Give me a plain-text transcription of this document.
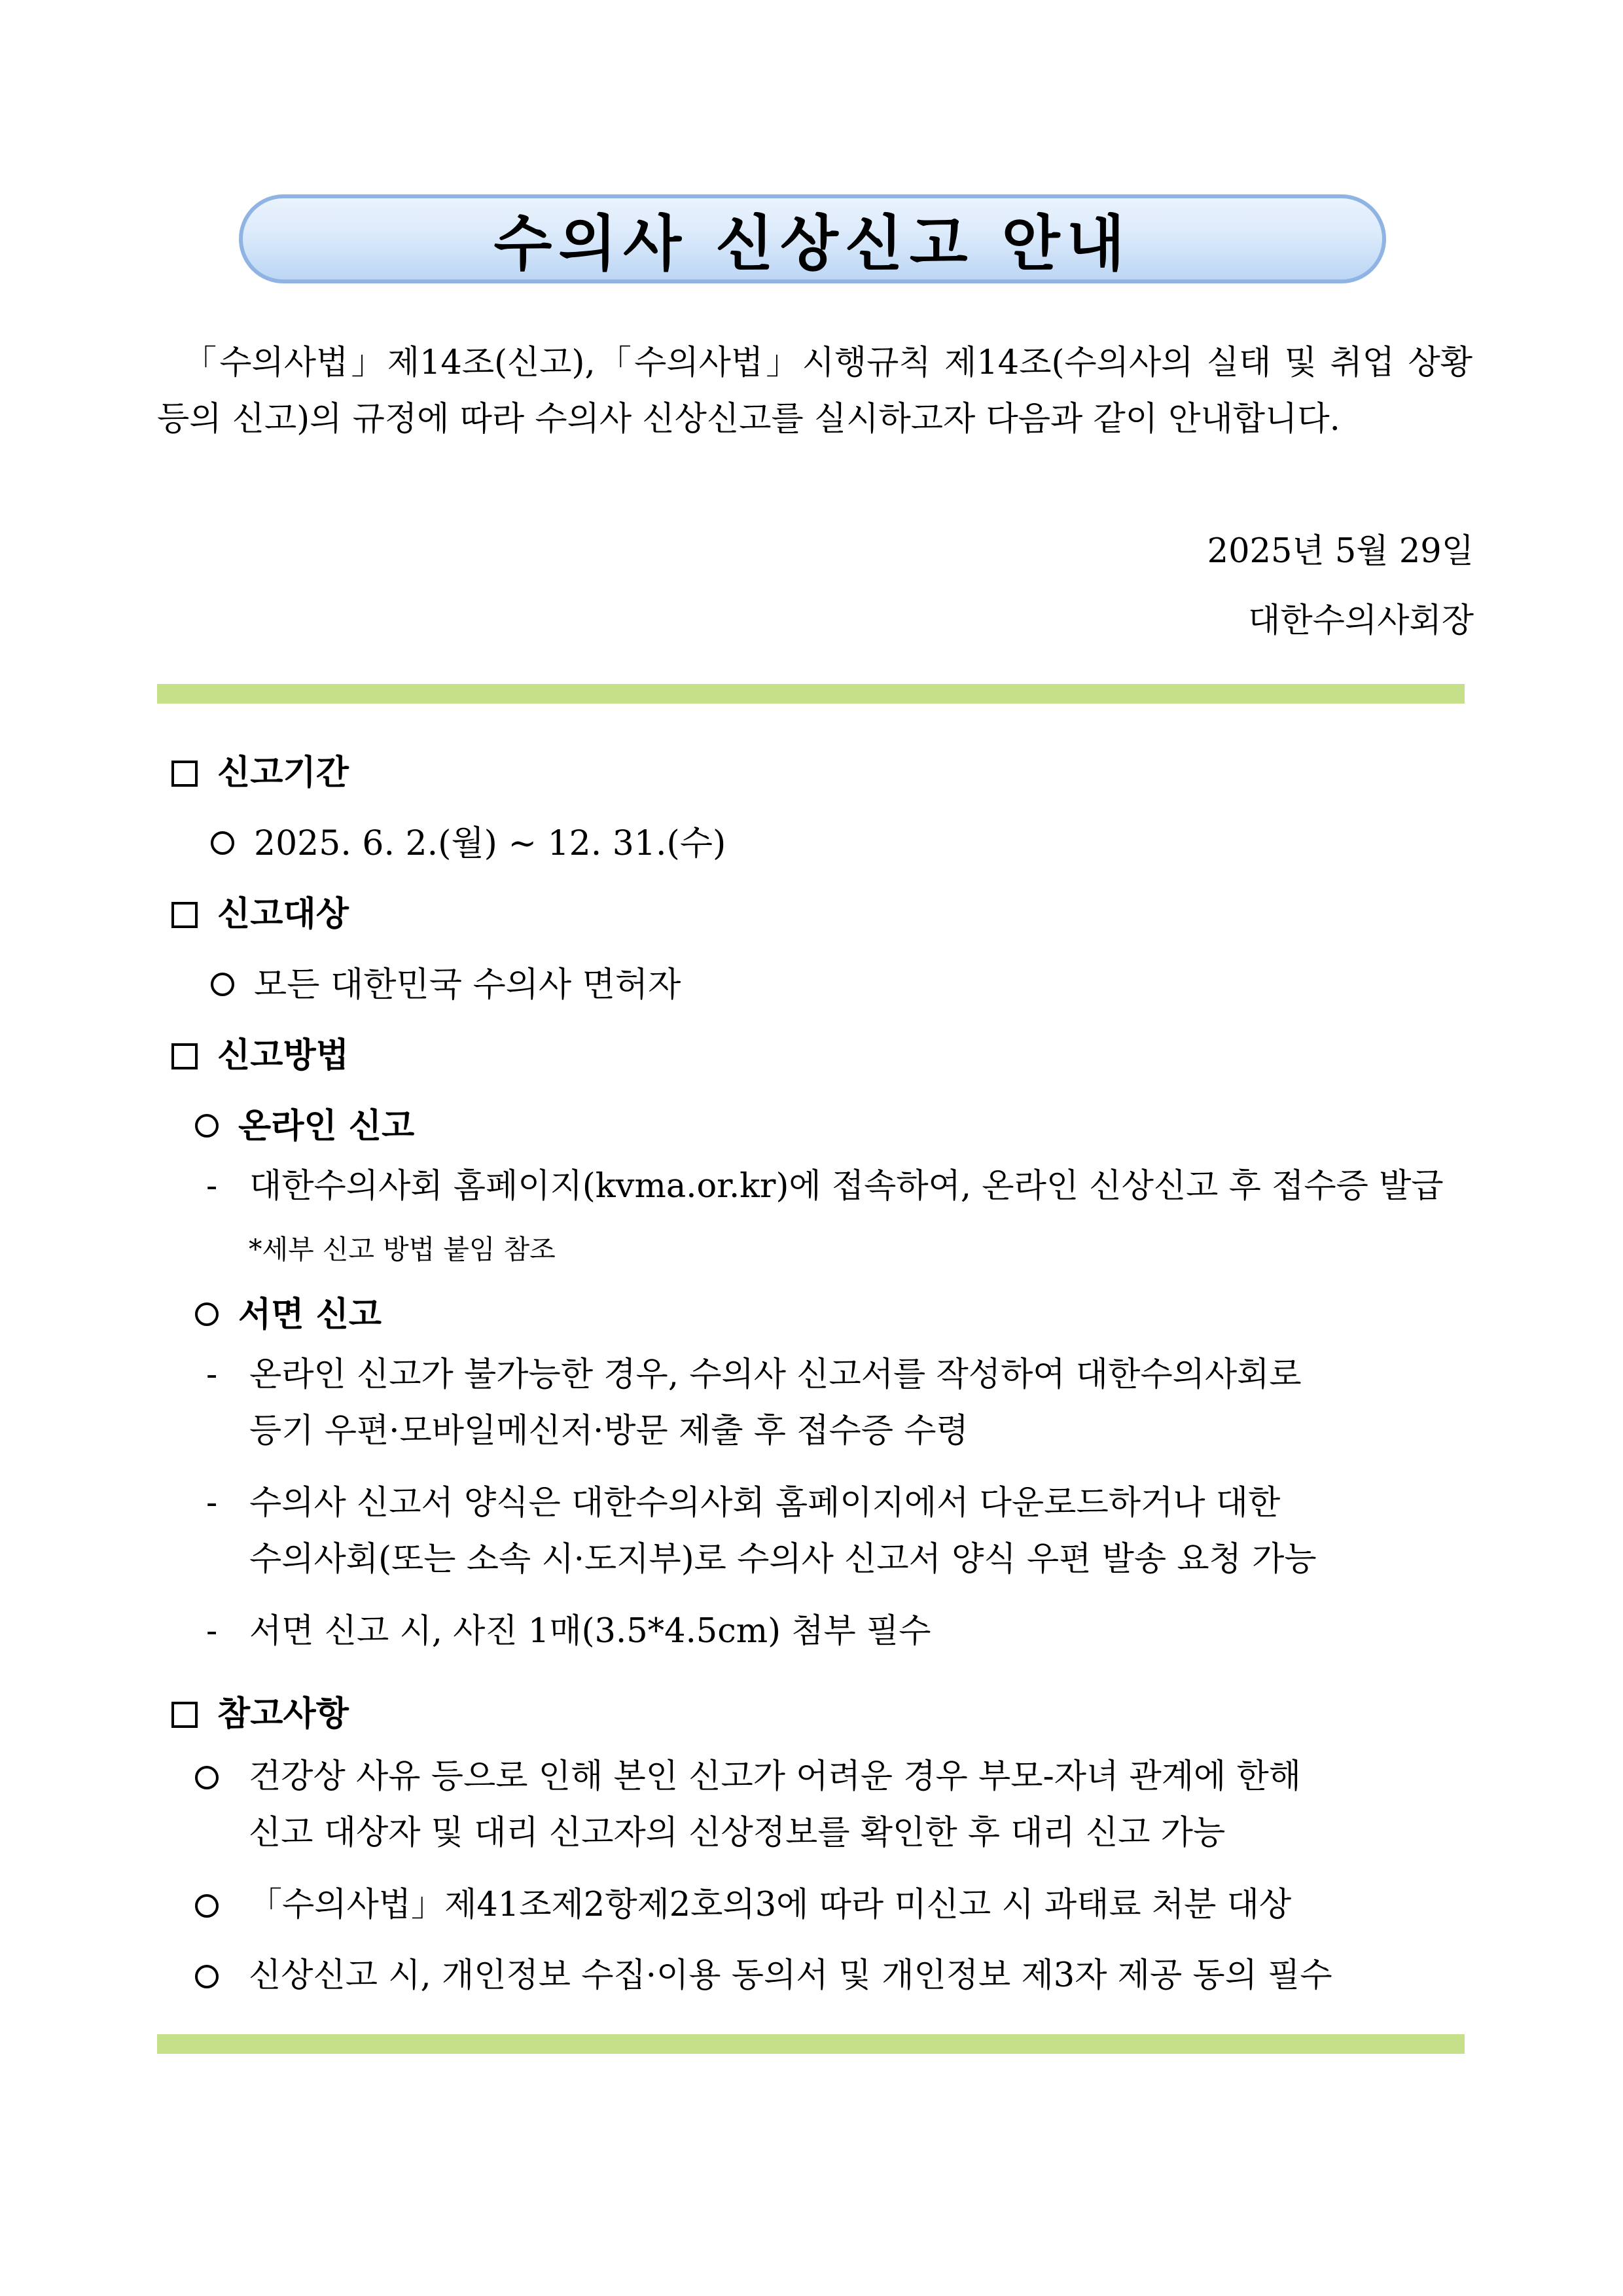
수의사 신상신고 안내
「수의사법」제14조(신고),「수의사법」시행규칙 제14조(수의사의 실태 및 취업 상황 등의 신고)의 규정에 따라 수의사 신상신고를 실시하고자 다음과 같이 안내합니다.
2025년 5월 29일
대한수의사회장
신고기간
2025. 6. 2.(월) ~ 12. 31.(수)
신고대상
모든 대한민국 수의사 면허자
신고방법
온라인 신고
- 대한수의사회 홈페이지(kvma.or.kr)에 접속하여, 온라인 신상신고 후 접수증 발급
*세부 신고 방법 붙임 참조
서면 신고
- 온라인 신고가 불가능한 경우, 수의사 신고서를 작성하여 대한수의사회로
등기 우편·모바일메신저·방문 제출 후 접수증 수령
- 수의사 신고서 양식은 대한수의사회 홈페이지에서 다운로드하거나 대한
수의사회(또는 소속 시·도지부)로 수의사 신고서 양식 우편 발송 요청 가능
- 서면 신고 시, 사진 1매(3.5*4.5cm) 첨부 필수
참고사항
건강상 사유 등으로 인해 본인 신고가 어려운 경우 부모-자녀 관계에 한해
신고 대상자 및 대리 신고자의 신상정보를 확인한 후 대리 신고 가능
「수의사법」제41조제2항제2호의3에 따라 미신고 시 과태료 처분 대상
신상신고 시, 개인정보 수집·이용 동의서 및 개인정보 제3자 제공 동의 필수
